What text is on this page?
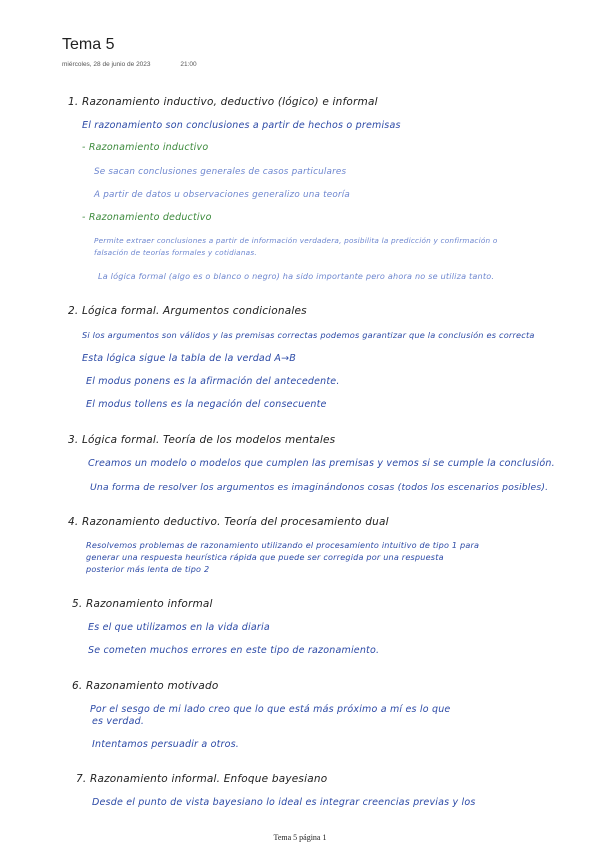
Tema 5
miércoles, 28 de junio de 2023	21:00
1. Razonamiento inductivo, deductivo (lógico) e informal
El razonamiento son conclusiones a partir de hechos o premisas
- Razonamiento inductivo
Se sacan conclusiones generales de casos particulares
A partir de datos u observaciones generalizo una teoría
- Razonamiento deductivo
Permite extraer conclusiones a partir de información verdadera, posibilita la predicción y confirmación o
falsación de teorías formales y cotidianas.
La lógica formal (algo es o blanco o negro) ha sido importante pero ahora no se utiliza tanto.
2. Lógica formal. Argumentos condicionales
Si los argumentos son válidos y las premisas correctas podemos garantizar que la conclusión es correcta
Esta lógica sigue la tabla de la verdad A→B
El modus ponens es la afirmación del antecedente.
El modus tollens es la negación del consecuente
3. Lógica formal. Teoría de los modelos mentales
Creamos un modelo o modelos que cumplen las premisas y vemos si se cumple la conclusión.
Una forma de resolver los argumentos es imaginándonos cosas (todos los escenarios posibles).
4. Razonamiento deductivo. Teoría del procesamiento dual
Resolvemos problemas de razonamiento utilizando el procesamiento intuitivo de tipo 1 para
generar una respuesta heurística rápida que puede ser corregida por una respuesta
posterior más lenta de tipo 2
5. Razonamiento informal
Es el que utilizamos en la vida diaria
Se cometen muchos errores en este tipo de razonamiento.
6. Razonamiento motivado
Por el sesgo de mi lado creo que lo que está más próximo a mí es lo que
es verdad.
Intentamos persuadir a otros.
7. Razonamiento informal. Enfoque bayesiano
Desde el punto de vista bayesiano lo ideal es integrar creencias previas y los
Tema 5 página 1
